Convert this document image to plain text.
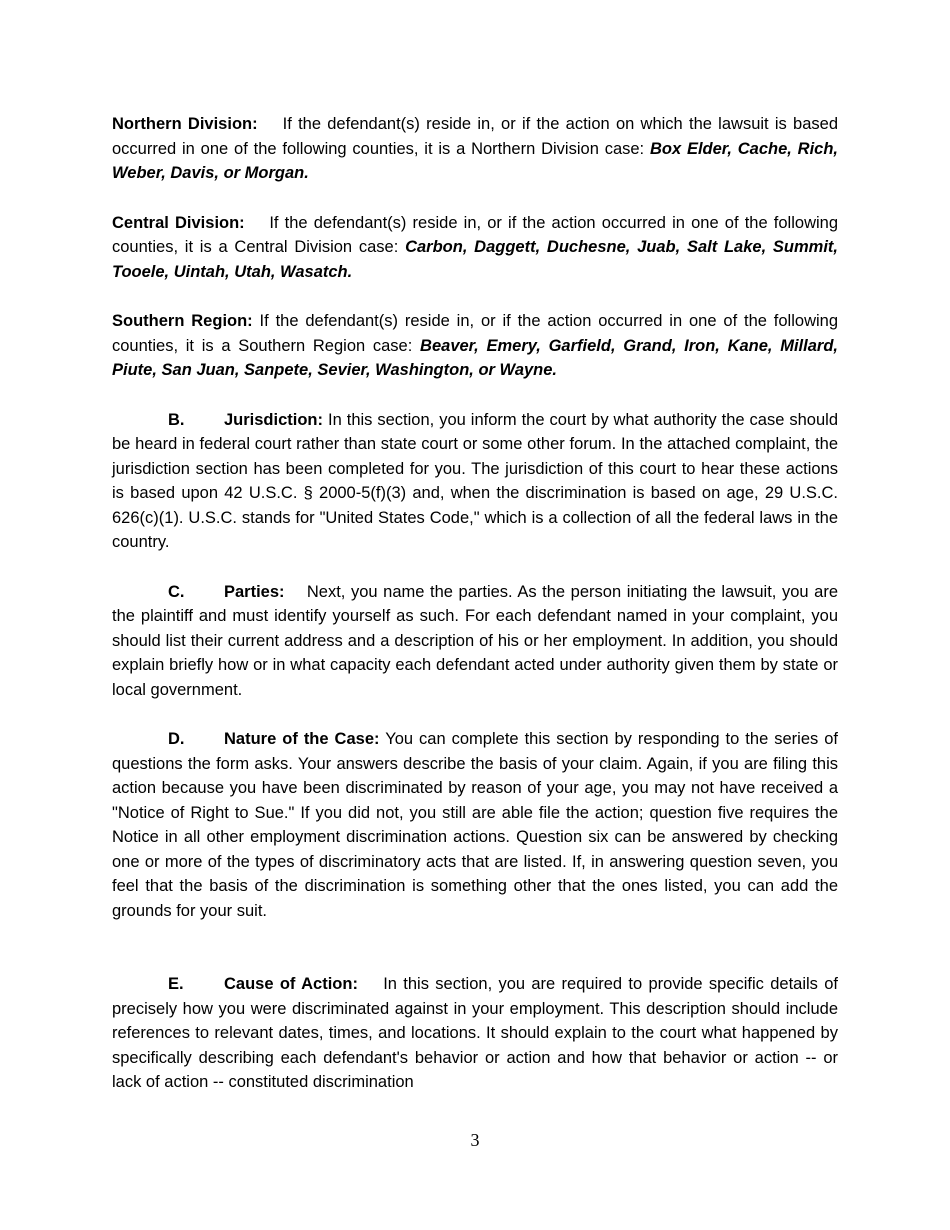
Northern Division: If the defendant(s) reside in, or if the action on which the lawsuit is based occurred in one of the following counties, it is a Northern Division case: Box Elder, Cache, Rich, Weber, Davis, or Morgan.

Central Division: If the defendant(s) reside in, or if the action occurred in one of the following counties, it is a Central Division case: Carbon, Daggett, Duchesne, Juab, Salt Lake, Summit, Tooele, Uintah, Utah, Wasatch.

Southern Region: If the defendant(s) reside in, or if the action occurred in one of the following counties, it is a Southern Region case: Beaver, Emery, Garfield, Grand, Iron, Kane, Millard, Piute, San Juan, Sanpete, Sevier, Washington, or Wayne.

B. Jurisdiction: In this section, you inform the court by what authority the case should be heard in federal court rather than state court or some other forum. In the attached complaint, the jurisdiction section has been completed for you. The jurisdiction of this court to hear these actions is based upon 42 U.S.C. § 2000-5(f)(3) and, when the discrimination is based on age, 29 U.S.C. 626(c)(1). U.S.C. stands for "United States Code," which is a collection of all the federal laws in the country.

C. Parties: Next, you name the parties. As the person initiating the lawsuit, you are the plaintiff and must identify yourself as such. For each defendant named in your complaint, you should list their current address and a description of his or her employment. In addition, you should explain briefly how or in what capacity each defendant acted under authority given them by state or local government.

D. Nature of the Case: You can complete this section by responding to the series of questions the form asks. Your answers describe the basis of your claim. Again, if you are filing this action because you have been discriminated by reason of your age, you may not have received a "Notice of Right to Sue." If you did not, you still are able file the action; question five requires the Notice in all other employment discrimination actions. Question six can be answered by checking one or more of the types of discriminatory acts that are listed. If, in answering question seven, you feel that the basis of the discrimination is something other that the ones listed, you can add the grounds for your suit.

E. Cause of Action: In this section, you are required to provide specific details of precisely how you were discriminated against in your employment. This description should include references to relevant dates, times, and locations. It should explain to the court what happened by specifically describing each defendant's behavior or action and how that behavior or action -- or lack of action -- constituted discrimination

3
